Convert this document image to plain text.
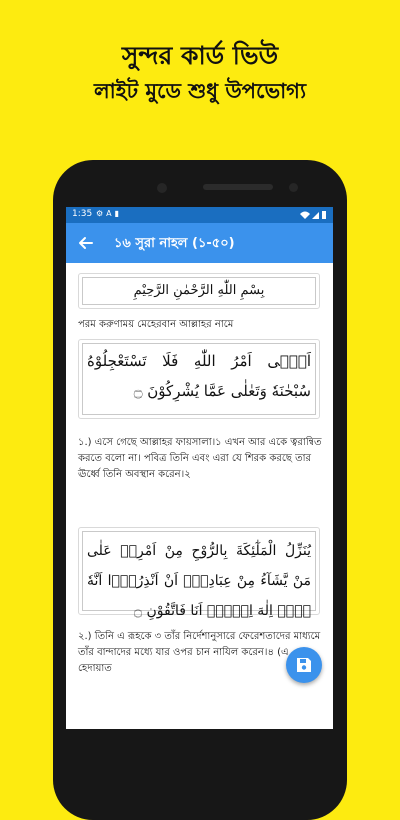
সুন্দর কার্ড ভিউ
লাইট মুডে শুধু উপভোগ্য
1:35 ⚙A▮
১৬ সুরা নাহল (১-৫০)
بِسْمِ اللّٰهِ الرَّحْمٰنِ الرَّحِيْمِ
পরম করুণাময় মেহেরবান আল্লাহর নামে
اَتٰۤى اَمْرُ اللّٰهِ فَلَا تَسْتَعْجِلُوْهُ سُبْحٰنَهٗ وَتَعٰلٰى عَمَّا يُشْرِكُوْنَ ۝
১.) এসে গেছে আল্লাহর ফায়সালা।১ এখন আর একে ত্বরান্বিত করতে বলো না। পবিত্র তিনি এবং এরা যে শিরক করছে তার ঊর্ধ্বে তিনি অবস্থান করেন।২
يُنَزِّلُ الْمَلٰٓئِكَةَ بِالرُّوْحِ مِنْ اَمْرِهٖ عَلٰى مَنْ يَّشَآءُ مِنْ عِبَادِهٖۤ اَنْ اَنْذِرُوْۤا اَنَّهٗ لَاۤ اِلٰهَ اِلَّاۤ اَنَا فَاتَّقُوْنِ ۝
২.) তিনি এ রূহকে ৩ তাঁর নির্দেশানুসারে ফেরেশতাদের মাধ্যমে তাঁর বান্দাদের মধ্যে যার ওপর চান নাযিল করেন।৪ (এ হেদায়াত
